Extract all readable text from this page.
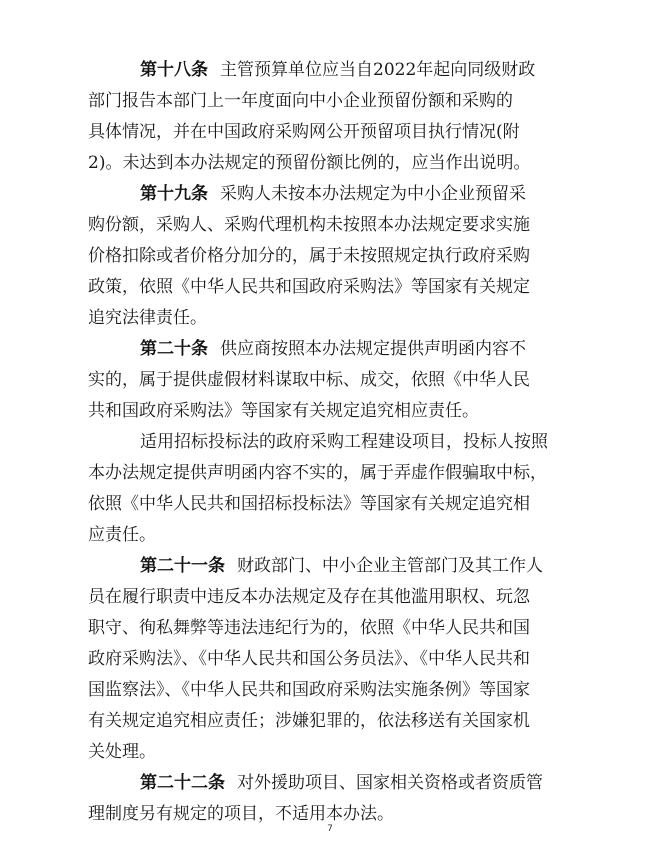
第十八条 主管预算单位应当自2022年起向同级财政
部门报告本部门上一年度面向中小企业预留份额和采购的
具体情况，并在中国政府采购网公开预留项目执行情况(附
2)。未达到本办法规定的预留份额比例的，应当作出说明。
第十九条 采购人未按本办法规定为中小企业预留采
购份额，采购人、采购代理机构未按照本办法规定要求实施
价格扣除或者价格分加分的，属于未按照规定执行政府采购
政策，依照《中华人民共和国政府采购法》等国家有关规定
追究法律责任。
第二十条 供应商按照本办法规定提供声明函内容不
实的，属于提供虚假材料谋取中标、成交，依照《中华人民
共和国政府采购法》等国家有关规定追究相应责任。
适用招标投标法的政府采购工程建设项目，投标人按照
本办法规定提供声明函内容不实的，属于弄虚作假骗取中标，
依照《中华人民共和国招标投标法》等国家有关规定追究相
应责任。
第二十一条 财政部门、中小企业主管部门及其工作人
员在履行职责中违反本办法规定及存在其他滥用职权、玩忽
职守、徇私舞弊等违法违纪行为的，依照《中华人民共和国
政府采购法》、《中华人民共和国公务员法》、《中华人民共和
国监察法》、《中华人民共和国政府采购法实施条例》等国家
有关规定追究相应责任；涉嫌犯罪的，依法移送有关国家机
关处理。
第二十二条 对外援助项目、国家相关资格或者资质管
理制度另有规定的项目，不适用本办法。
7
